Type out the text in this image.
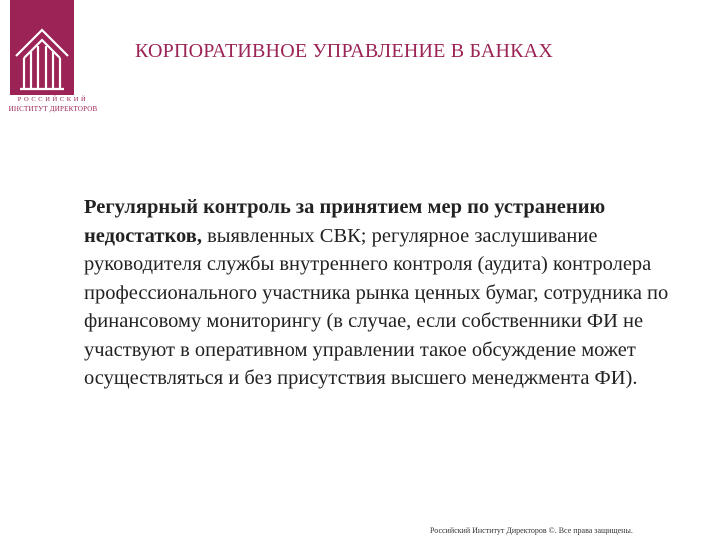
РОССИЙСКИЙ
ИНСТИТУТ ДИРЕКТОРОВ
КОРПОРАТИВНОЕ УПРАВЛЕНИЕ В БАНКАХ
Регулярный контроль за принятием мер по устранению недостатков, выявленных СВК; регулярное заслушивание руководителя службы внутреннего контроля (аудита) контролера профессионального участника рынка ценных бумаг, сотрудника по финансовому мониторингу (в случае, если собственники ФИ не участвуют в оперативном управлении такое обсуждение может осуществляться и без присутствия высшего менеджмента ФИ).
Российский Институт Директоров ©. Все права защищены.
